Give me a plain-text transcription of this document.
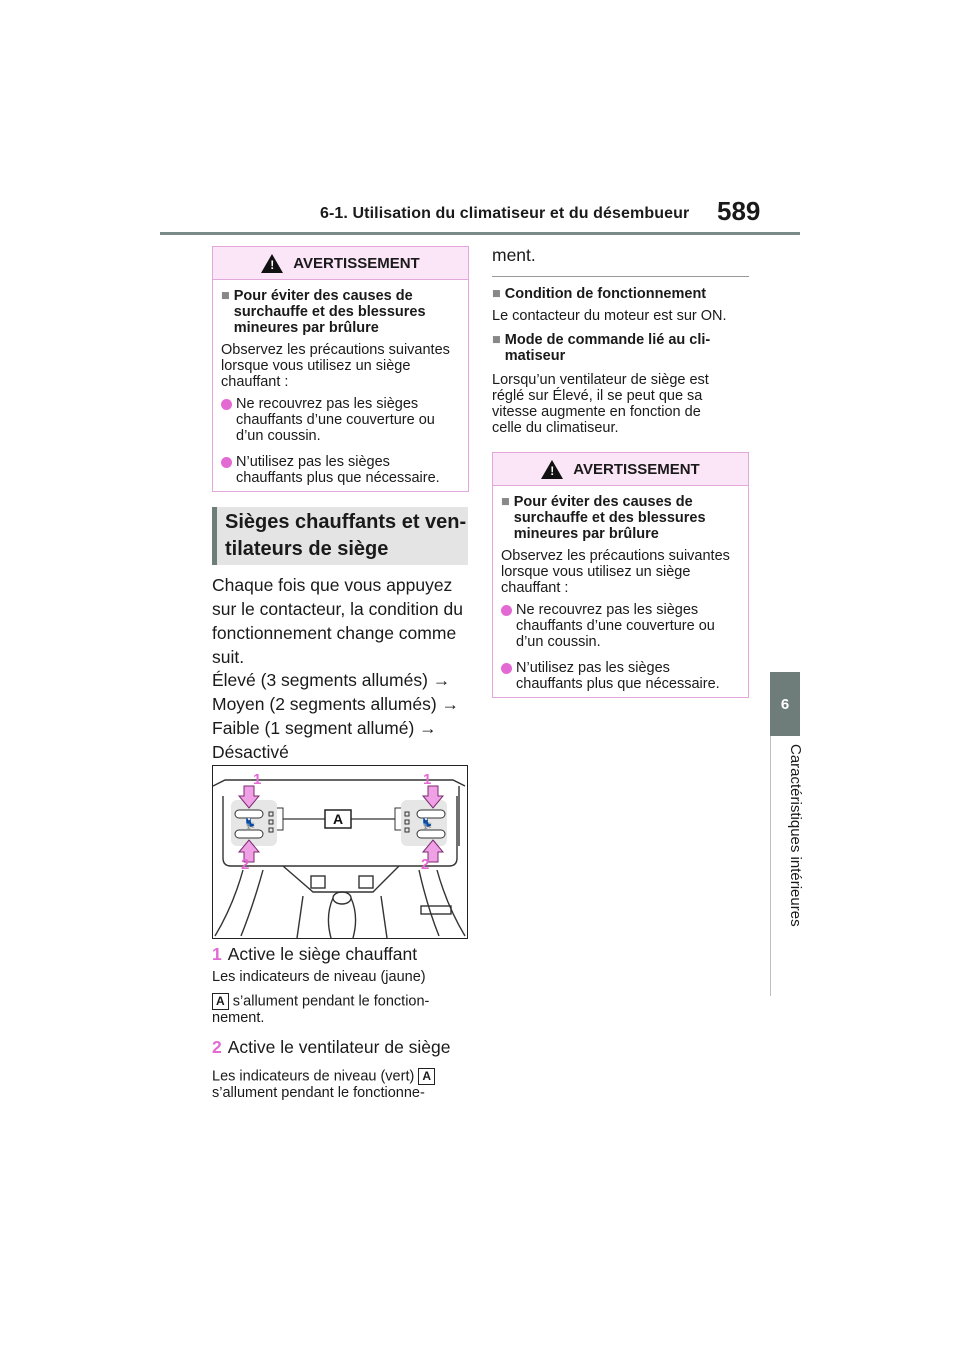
6-1. Utilisation du climatiseur et du désembueur 589
6
Caractéristiques intérieures
! AVERTISSEMENT

■ Pour éviter des causes de surchauffe et des blessures mineures par brûlure

Observez les précautions suivantes lorsque vous utilisez un siège chauffant :

Ne recouvrez pas les sièges chauffants d’une couverture ou d’un coussin.

N’utilisez pas les sièges chauffants plus que nécessaire.

Sièges chauffants et ven-
tilateurs de siège
Chaque fois que vous appuyez
sur le contacteur, la condition du
fonctionnement change comme
suit.
Élevé (3 segments allumés) →
Moyen (2 segments allumés) →
Faible (1 segment allumé) →
Désactivé
💺	💺
A
1	1
2	2
1 Active le siège chauffant
Les indicateurs de niveau (jaune)
A s’allument pendant le fonction-
nement.
2 Active le ventilateur de siège
Les indicateurs de niveau (vert) A
s’allument pendant le fonctionne-
ment.
■ Condition de fonctionnement
Le contacteur du moteur est sur ON.
■ Mode de commande lié au cli-
matiseur
Lorsqu’un ventilateur de siège est
réglé sur Élevé, il se peut que sa
vitesse augmente en fonction de
celle du climatiseur.
! AVERTISSEMENT

■ Pour éviter des causes de surchauffe et des blessures mineures par brûlure

Observez les précautions suivantes lorsque vous utilisez un siège chauffant :

Ne recouvrez pas les sièges chauffants d’une couverture ou d’un coussin.

N’utilisez pas les sièges chauffants plus que nécessaire.
